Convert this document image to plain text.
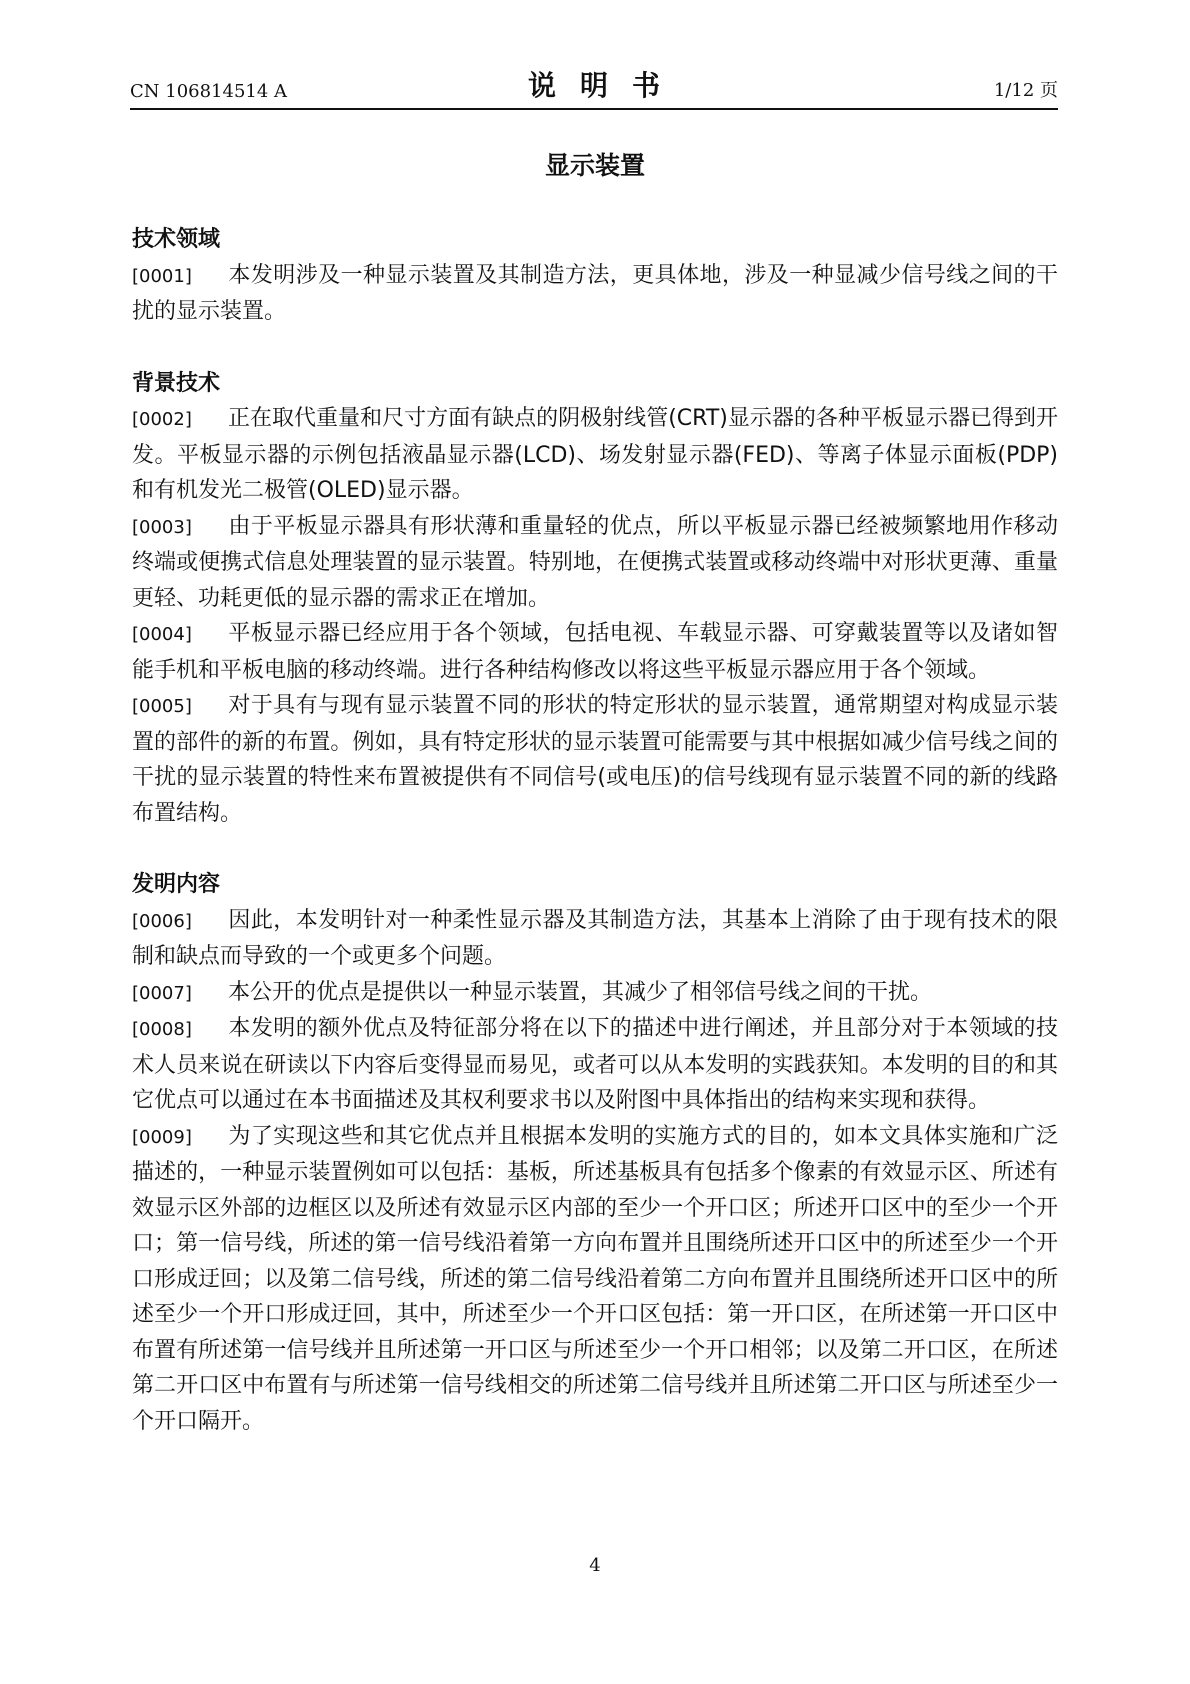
CN 106814514 A	说明书	1/12 页
显示装置
技术领域

[0001] 本发明涉及一种显示装置及其制造方法，更具体地，涉及一种显减少信号线之间的干扰的显示装置。

背景技术

[0002] 正在取代重量和尺寸方面有缺点的阴极射线管(CRT)显示器的各种平板显示器已得到开发。平板显示器的示例包括液晶显示器(LCD)、场发射显示器(FED)、等离子体显示面板(PDP)和有机发光二极管(OLED)显示器。

[0003] 由于平板显示器具有形状薄和重量轻的优点，所以平板显示器已经被频繁地用作移动终端或便携式信息处理装置的显示装置。特别地，在便携式装置或移动终端中对形状更薄、重量更轻、功耗更低的显示器的需求正在增加。

[0004] 平板显示器已经应用于各个领域，包括电视、车载显示器、可穿戴装置等以及诸如智能手机和平板电脑的移动终端。进行各种结构修改以将这些平板显示器应用于各个领域。

[0005] 对于具有与现有显示装置不同的形状的特定形状的显示装置，通常期望对构成显示装置的部件的新的布置。例如，具有特定形状的显示装置可能需要与其中根据如减少信号线之间的干扰的显示装置的特性来布置被提供有不同信号(或电压)的信号线现有显示装置不同的新的线路布置结构。

发明内容

[0006] 因此，本发明针对一种柔性显示器及其制造方法，其基本上消除了由于现有技术的限制和缺点而导致的一个或更多个问题。

[0007] 本公开的优点是提供以一种显示装置，其减少了相邻信号线之间的干扰。

[0008] 本发明的额外优点及特征部分将在以下的描述中进行阐述，并且部分对于本领域的技术人员来说在研读以下内容后变得显而易见，或者可以从本发明的实践获知。本发明的目的和其它优点可以通过在本书面描述及其权利要求书以及附图中具体指出的结构来实现和获得。

[0009] 为了实现这些和其它优点并且根据本发明的实施方式的目的，如本文具体实施和广泛描述的，一种显示装置例如可以包括：基板，所述基板具有包括多个像素的有效显示区、所述有效显示区外部的边框区以及所述有效显示区内部的至少一个开口区；所述开口区中的至少一个开口；第一信号线，所述的第一信号线沿着第一方向布置并且围绕所述开口区中的所述至少一个开口形成迂回；以及第二信号线，所述的第二信号线沿着第二方向布置并且围绕所述开口区中的所述至少一个开口形成迂回，其中，所述至少一个开口区包括：第一开口区，在所述第一开口区中布置有所述第一信号线并且所述第一开口区与所述至少一个开口相邻；以及第二开口区，在所述第二开口区中布置有与所述第一信号线相交的所述第二信号线并且所述第二开口区与所述至少一个开口隔开。

4
